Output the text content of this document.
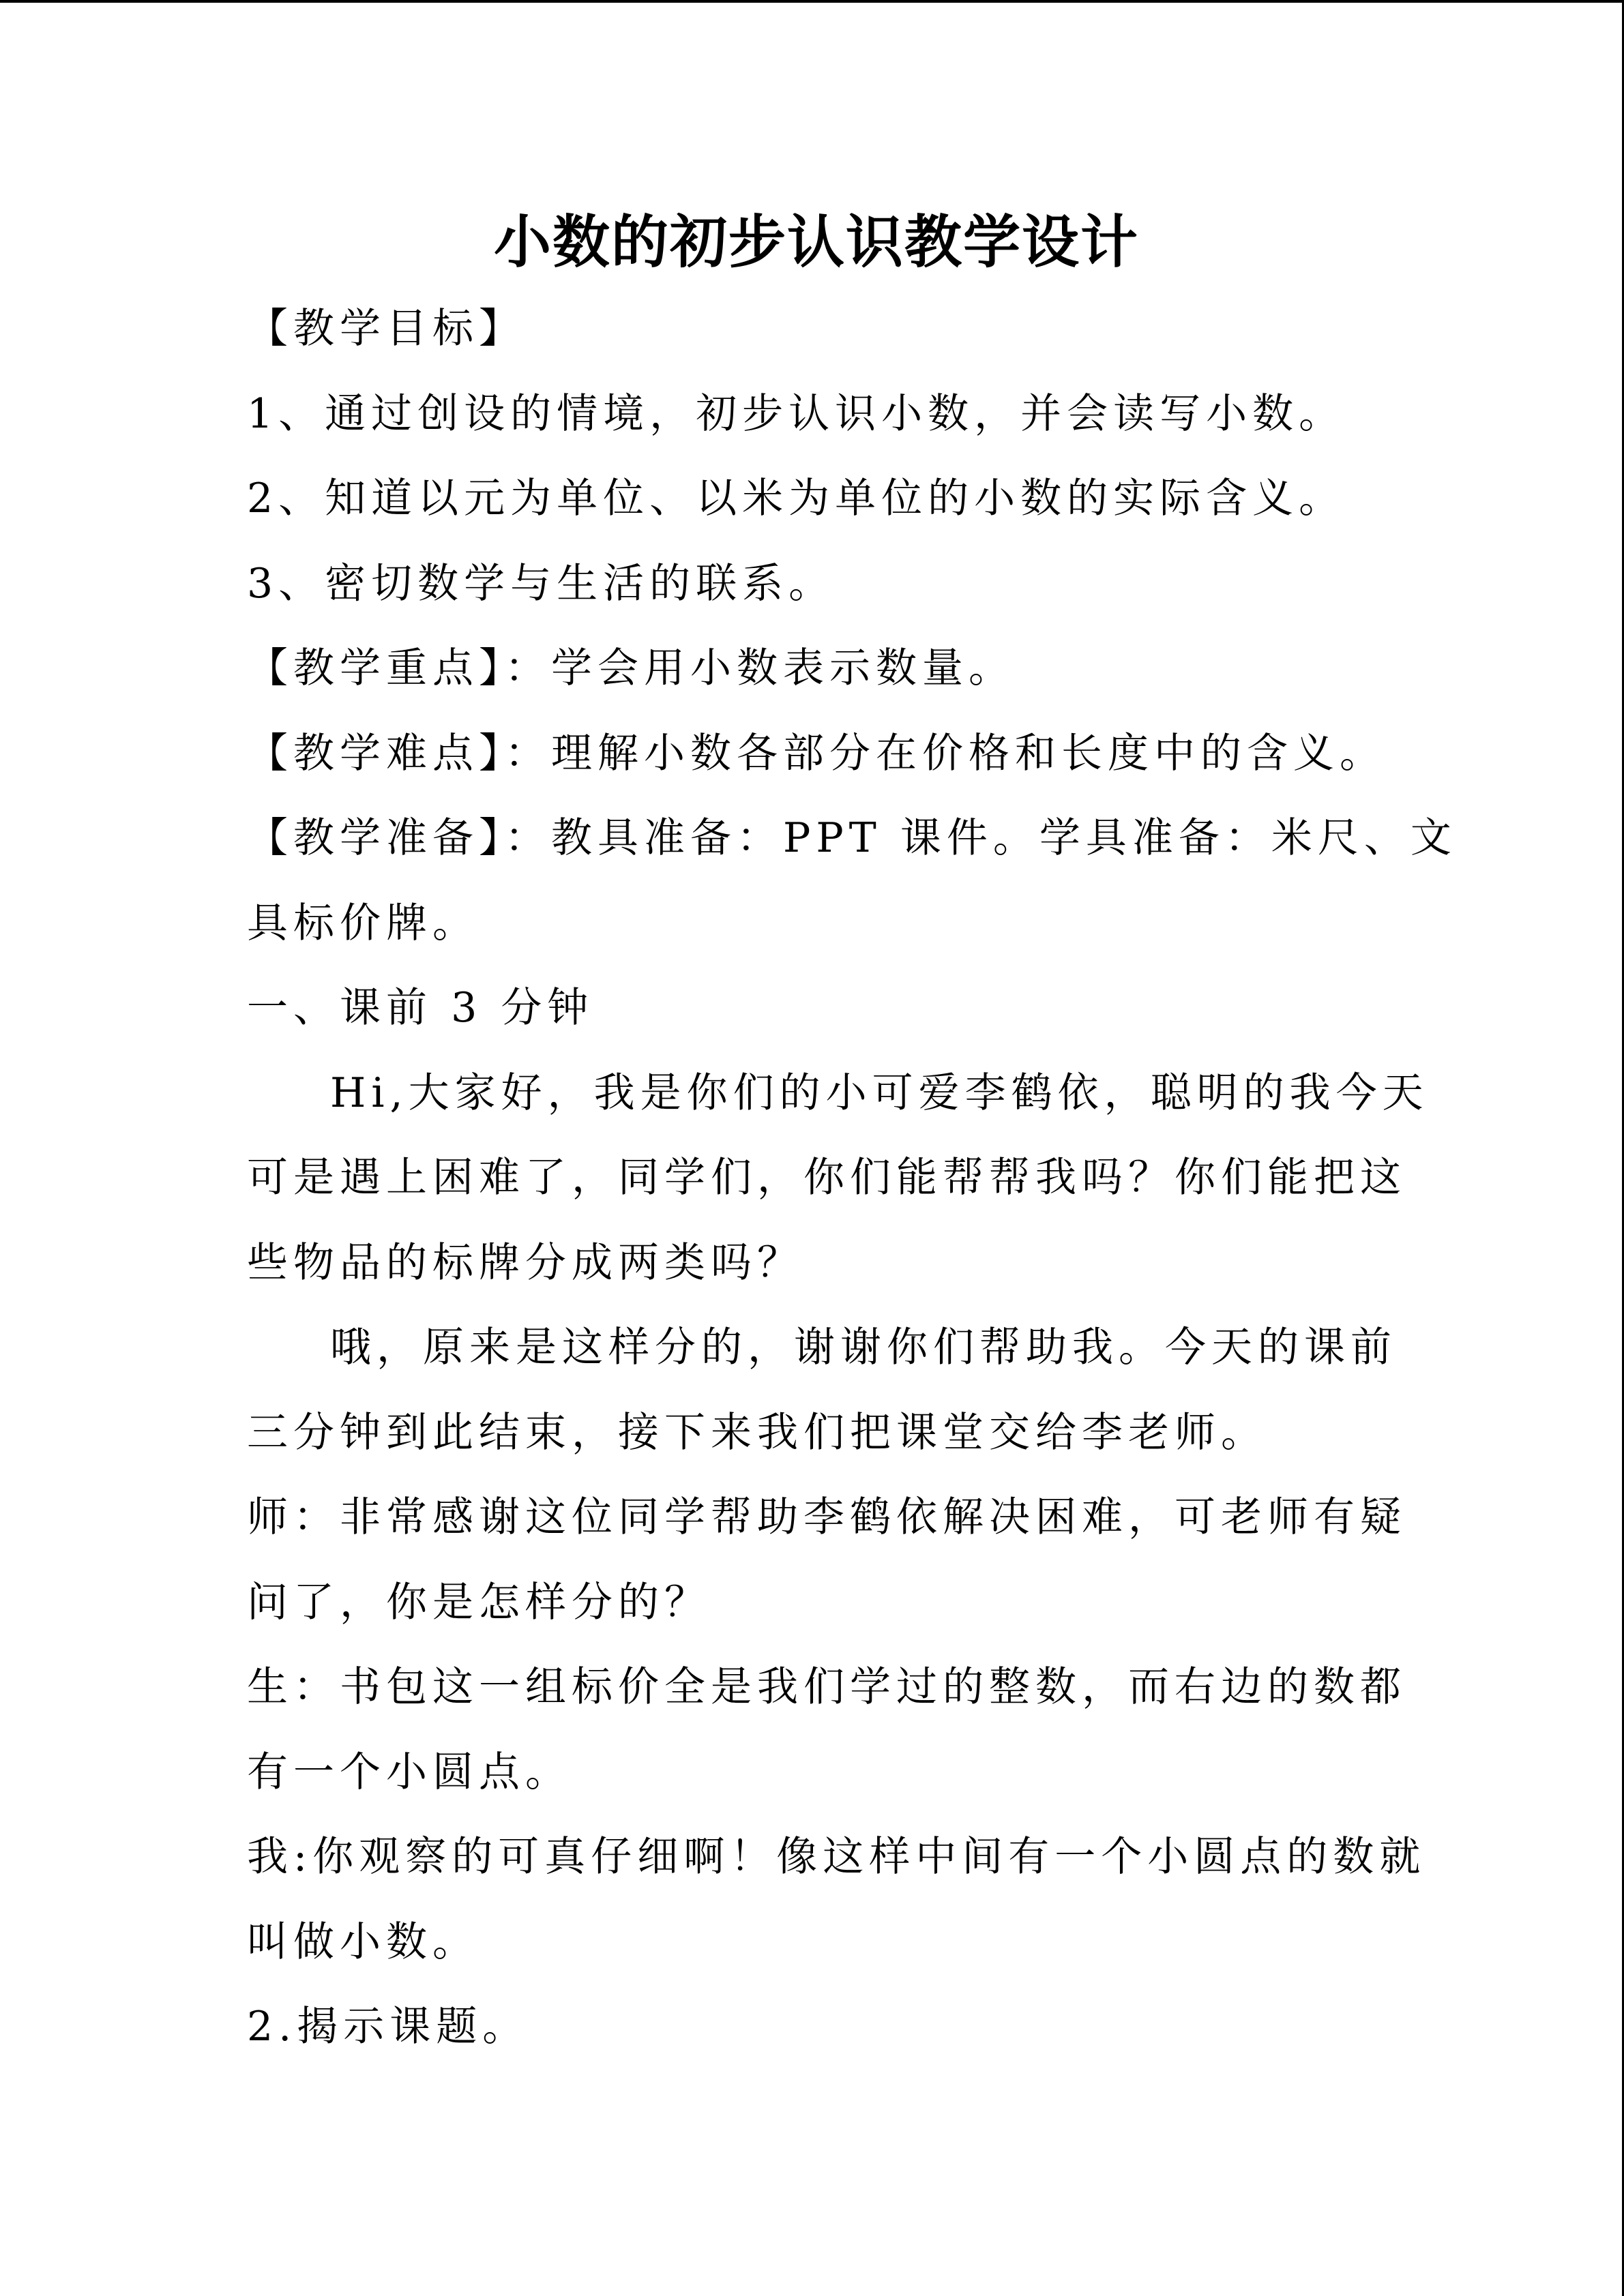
小数的初步认识教学设计
【教学目标】
1、通过创设的情境，初步认识小数，并会读写小数。
2、知道以元为单位、以米为单位的小数的实际含义。
3、密切数学与生活的联系。
【教学重点】：学会用小数表示数量。
【教学难点】：理解小数各部分在价格和长度中的含义。
【教学准备】：教具准备：PPT 课件。学具准备：米尺、文
具标价牌。
一、课前 3 分钟
Hi,大家好，我是你们的小可爱李鹤依，聪明的我今天
可是遇上困难了，同学们，你们能帮帮我吗？你们能把这
些物品的标牌分成两类吗？
哦，原来是这样分的，谢谢你们帮助我。今天的课前
三分钟到此结束，接下来我们把课堂交给李老师。
师：非常感谢这位同学帮助李鹤依解决困难，可老师有疑
问了，你是怎样分的？
生：书包这一组标价全是我们学过的整数，而右边的数都
有一个小圆点。
我:你观察的可真仔细啊！像这样中间有一个小圆点的数就
叫做小数。
2.揭示课题。
